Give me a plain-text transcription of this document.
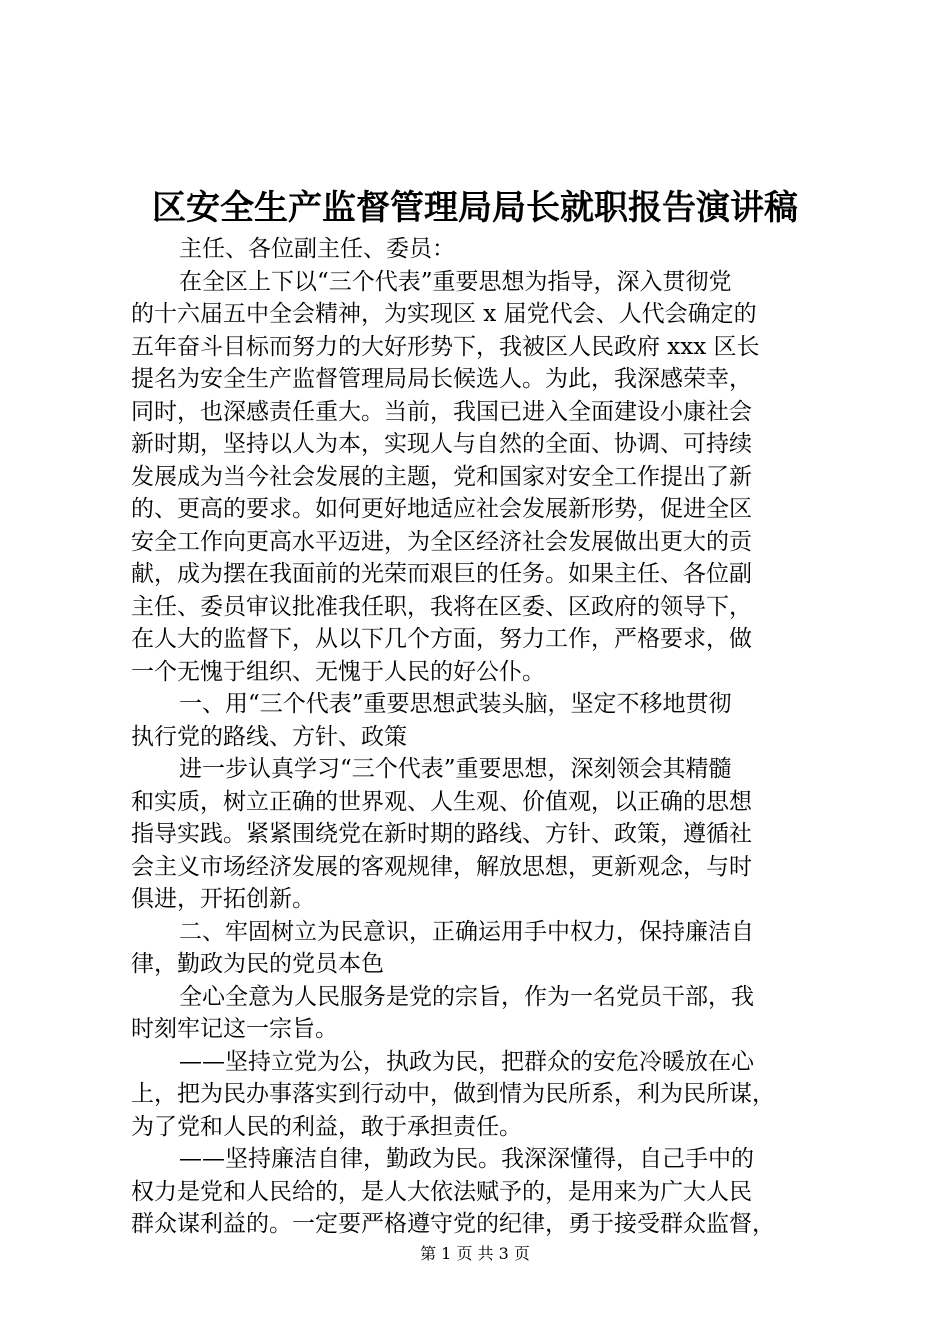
区安全生产监督管理局局长就职报告演讲稿
主任、各位副主任、委员：
在全区上下以“三个代表”重要思想为指导，深入贯彻党
的十六届五中全会精神，为实现区 x 届党代会、人代会确定的
五年奋斗目标而努力的大好形势下，我被区人民政府 xxx 区长
提名为安全生产监督管理局局长候选人。为此，我深感荣幸，
同时，也深感责任重大。当前，我国已进入全面建设小康社会
新时期，坚持以人为本，实现人与自然的全面、协调、可持续
发展成为当今社会发展的主题，党和国家对安全工作提出了新
的、更高的要求。如何更好地适应社会发展新形势，促进全区
安全工作向更高水平迈进，为全区经济社会发展做出更大的贡
献，成为摆在我面前的光荣而艰巨的任务。如果主任、各位副
主任、委员审议批准我任职，我将在区委、区政府的领导下，
在人大的监督下，从以下几个方面，努力工作，严格要求，做
一个无愧于组织、无愧于人民的好公仆。
一、用“三个代表”重要思想武装头脑，坚定不移地贯彻
执行党的路线、方针、政策
进一步认真学习“三个代表”重要思想，深刻领会其精髓
和实质，树立正确的世界观、人生观、价值观，以正确的思想
指导实践。紧紧围绕党在新时期的路线、方针、政策，遵循社
会主义市场经济发展的客观规律，解放思想，更新观念，与时
俱进，开拓创新。
二、牢固树立为民意识，正确运用手中权力，保持廉洁自
律，勤政为民的党员本色
全心全意为人民服务是党的宗旨，作为一名党员干部，我
时刻牢记这一宗旨。
——坚持立党为公，执政为民，把群众的安危冷暖放在心
上，把为民办事落实到行动中，做到情为民所系，利为民所谋，
为了党和人民的利益，敢于承担责任。
——坚持廉洁自律，勤政为民。我深深懂得，自己手中的
权力是党和人民给的，是人大依法赋予的，是用来为广大人民
群众谋利益的。一定要严格遵守党的纪律，勇于接受群众监督，
第 1 页 共 3 页
